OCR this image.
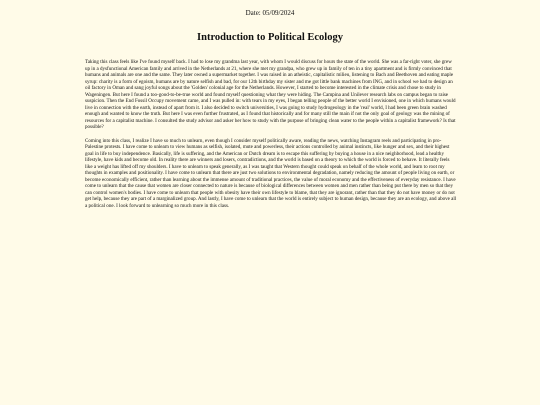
Date: 05/09/2024
Introduction to Political Ecology

Taking this class feels like I've found myself back. I had to lose my grandma last year, with whom I would discuss for hours the state of the world. She was a far-right voter, she grew up in a dysfunctional American family and arrived in the Netherlands at 21, where she met my grandpa, who grew up in family of ten in a tiny apartment and is firmly convinced that humans and animals are one and the same. They later owned a supermarket together. I was raised in an atheistic, capitalistic milieu, listening to Bach and Beethoven and eating maple syrup: charity is a form of egoism, humans are by nature selfish and bad, for our 12th birthday my sister and me got little bank machines from ING, and in school we had to design an oil factory in Oman and sang joyful songs about the 'Golden' colonial age for the Netherlands. However, I started to become interested in the climate crisis and chose to study in Wageningen. But here I found a too-good-to-be-true world and found myself questioning what they were hiding. The Campina and Unilever research labs on campus began to raise suspicion. Then the End Fossil Occupy movement came, and I was pulled in: with tears in my eyes, I began telling people of the better world I envisioned, one in which humans would live in connection with the earth, instead of apart from it. I also decided to switch universities, I was going to study hydrogeology in the 'real' world, I had been green brain washed enough and wanted to know the truth. But here I was even further frustrated, as I found that historically and for many still the main if not the only goal of geology was the mining of resources for a capitalist machine. I consulted the study advisor and asker her how to study with the purpose of bringing clean water to the people within a capitalist framework? Is that possible?

Coming into this class, I realize I have so much to unlearn, even though I consider myself politically aware, reading the news, watching Instagram reels and participating in pro-Palestine protests. I have come to unlearn to view humans as selfish, isolated, mute and powerless, their actions controlled by animal instincts, like hunger and sex, and their highest goal in life to buy independence. Basically, life is suffering, and the American or Dutch dream is to escape this suffering by buying a house in a nice neighborhood, lead a healthy lifestyle, have kids and become old. In reality there are winners and losers, contradictions, and the world is based on a theory to which the world is forced to behave. It literally feels like a weight has lifted off my shoulders. I have to unlearn to speak generally, as I was taught that Western thought could speak on behalf of the whole world, and learn to root my thoughts in examples and positionality. I have come to unlearn that there are just two solutions to environmental degradation, namely reducing the amount of people living on earth, or become economically efficient, rather than learning about the immense amount of traditional practices, the value of moral economy and the effectiveness of everyday resistance. I have come to unlearn that the cause that women are closer connected to nature is because of biological differences between women and men rather than being put there by men so that they can control women's bodies. I have come to unlearn that people with obesity have their own lifestyle to blame, that they are ignorant, rather than that they do not have money or do not get help, because they are part of a marginalized group. And lastly, I have come to unlearn that the world is entirely subject to human design, because they are an ecology, and above all a political one. I look forward to unlearning so much more in this class.
